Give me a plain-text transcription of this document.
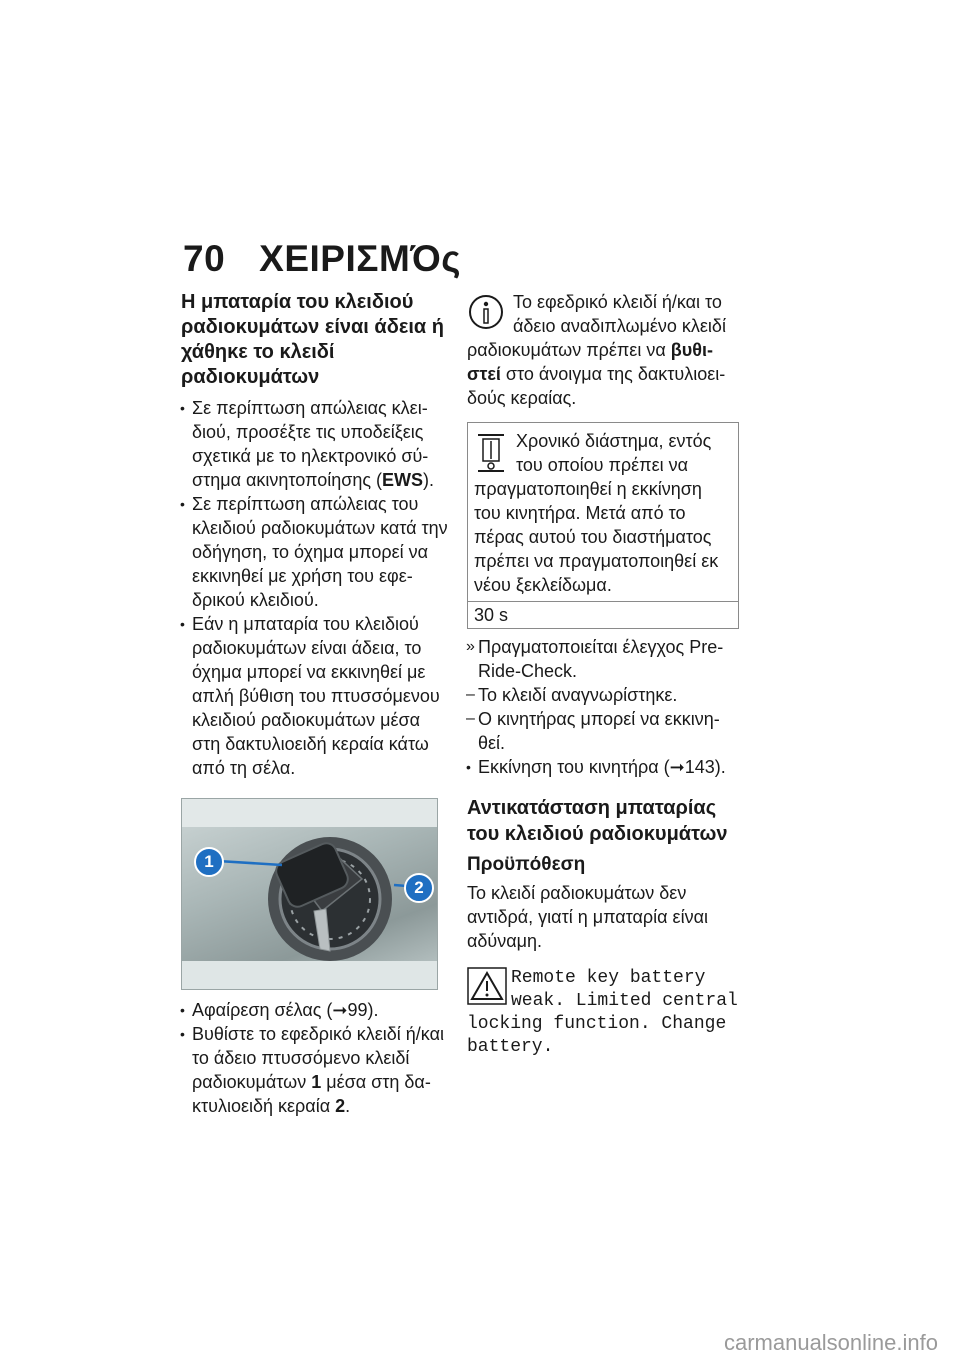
70 ΧΕΙΡΙΣΜΌς
Η μπαταρία του κλειδιού ραδιοκυμάτων είναι άδεια ή χάθηκε το κλειδί ραδιοκυμάτων
• Σε περίπτωση απώλειας κλειδιού, προσέξτε τις υποδείξεις σχετικά με το ηλεκτρονικό σύστημα ακινητοποίησης (EWS).
• Σε περίπτωση απώλειας του κλειδιού ραδιοκυμάτων κατά την οδήγηση, το όχημα μπορεί να εκκινηθεί με χρήση του εφεδρικού κλειδιού.
• Εάν η μπαταρία του κλειδιού ραδιοκυμάτων είναι άδεια, το όχημα μπορεί να εκκινηθεί με απλή βύθιση του πτυσσόμενου κλειδιού ραδιοκυμάτων μέσα στη δακτυλιοειδή κεραία κάτω από τη σέλα.
1
2
• Αφαίρεση σέλας (➞99).
• Βυθίστε το εφεδρικό κλειδί ή/και το άδειο πτυσσόμενο κλειδί ραδιοκυμάτων 1 μέσα στη δακτυλιοειδή κεραία 2.
Το εφεδρικό κλειδί ή/και το άδειο αναδιπλωμένο κλειδί ραδιοκυμάτων πρέπει να βυθιστεί στο άνοιγμα της δακτυλιοειδούς κεραίας.
Χρονικό διάστημα, εντός του οποίου πρέπει να πραγματοποιηθεί η εκκίνηση του κινητήρα. Μετά από το πέρας αυτού του διαστήματος πρέπει να πραγματοποιηθεί εκ νέου ξεκλείδωμα.
30 s
» Πραγματοποιείται έλεγχος Pre-Ride-Check.
– Το κλειδί αναγνωρίστηκε.
– Ο κινητήρας μπορεί να εκκινηθεί.
• Εκκίνηση του κινητήρα (➞143).
Αντικατάσταση μπαταρίας του κλειδιού ραδιοκυμάτων
Προϋπόθεση

Το κλειδί ραδιοκυμάτων δεν αντιδρά, γιατί η μπαταρία είναι αδύναμη.

Remote key battery weak. Limited central locking function. Change battery.
carmanualsonline.info
